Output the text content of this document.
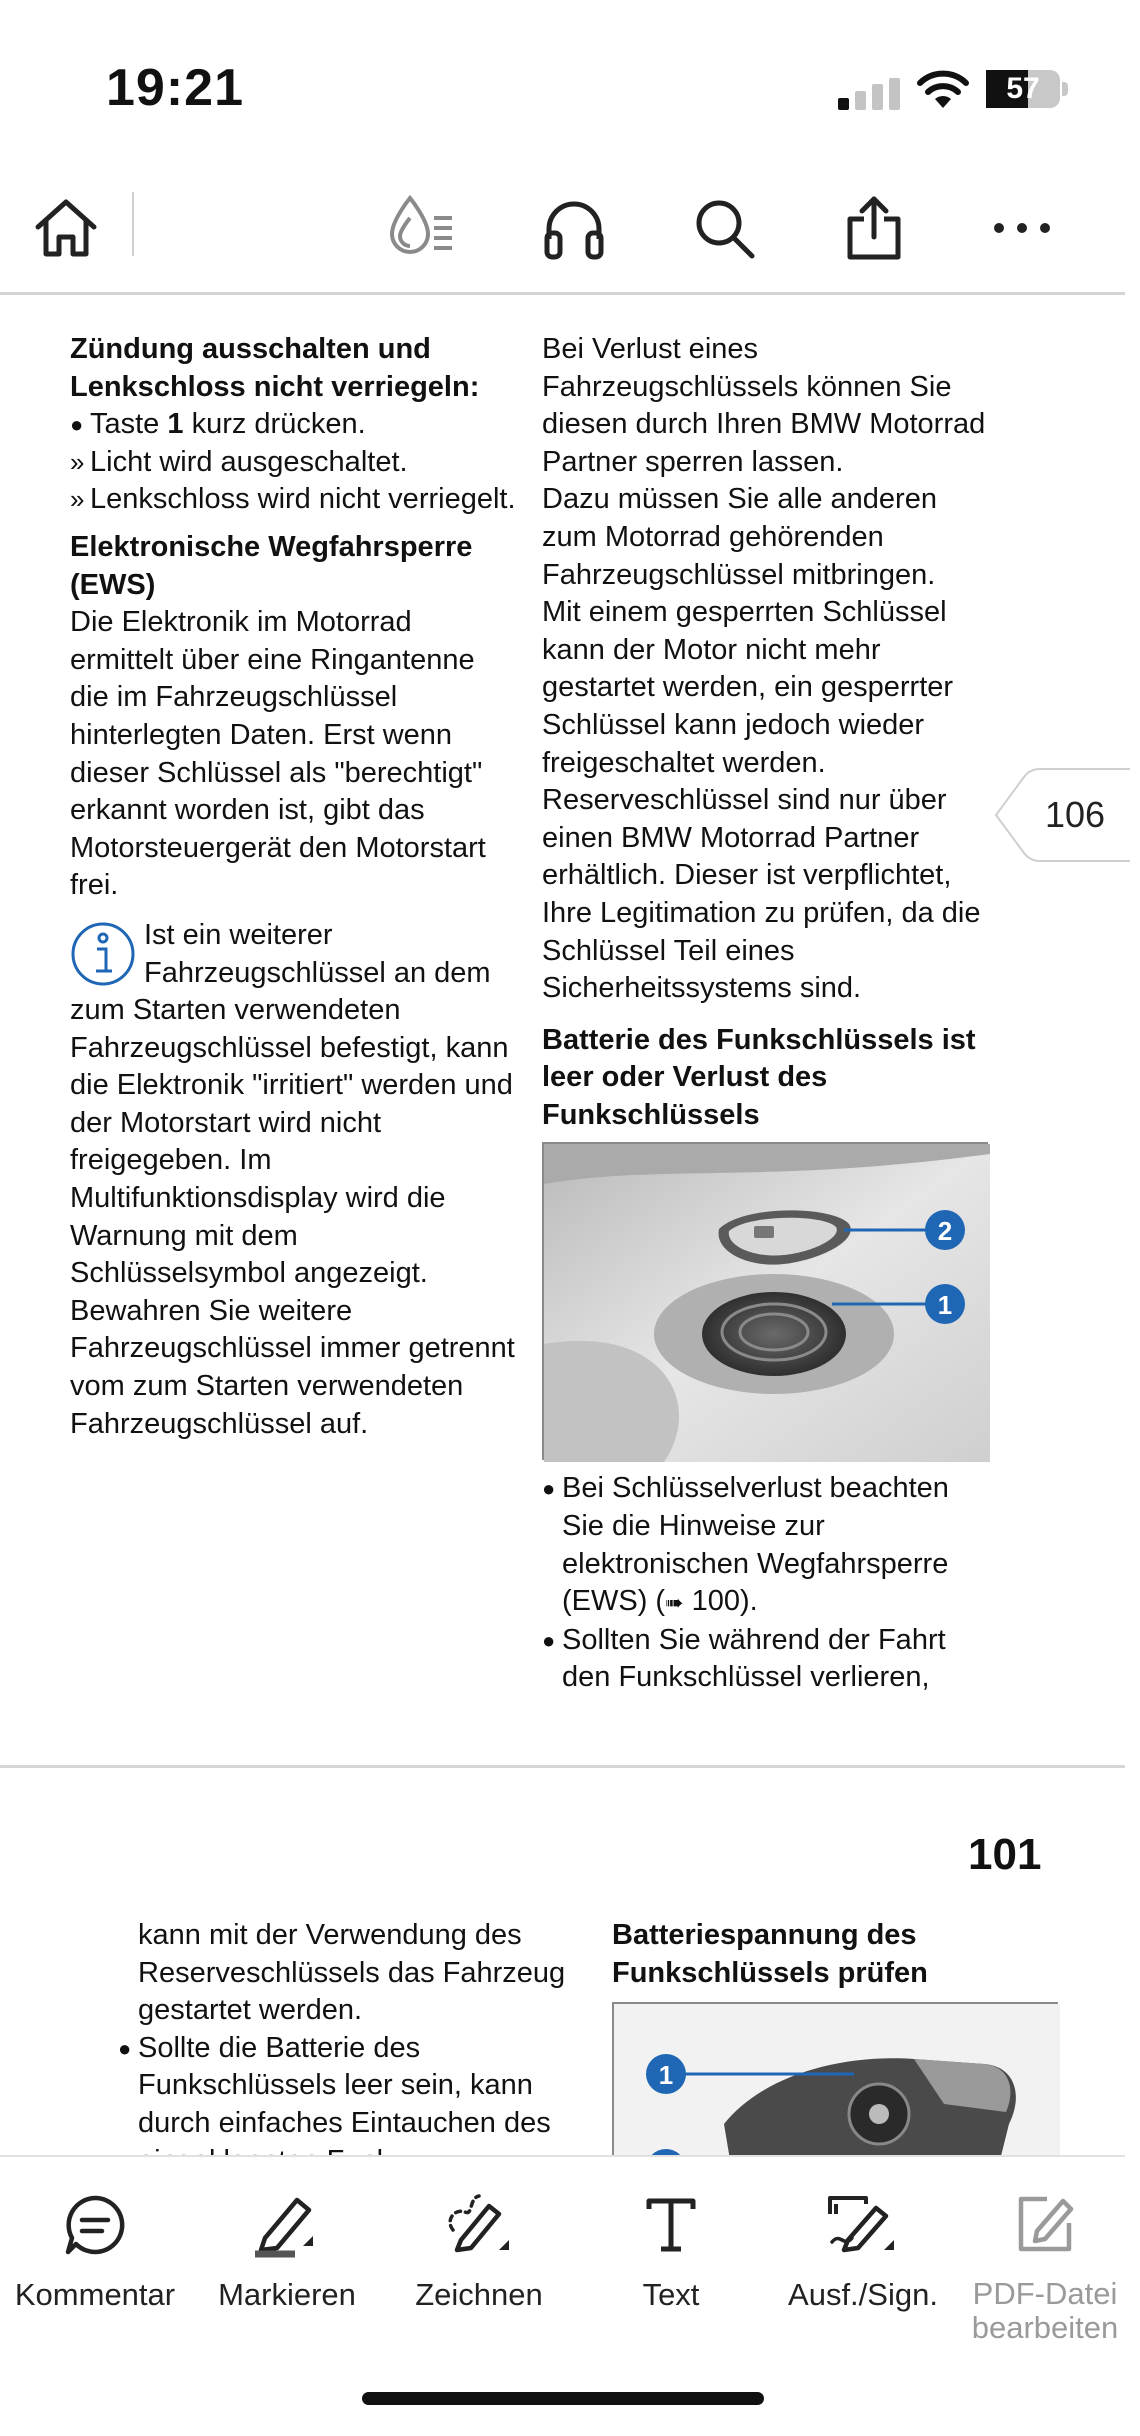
19:21	57

Zündung ausschalten und Lenkschloss nicht verriegeln:

● Taste 1 kurz drücken.

» Licht wird ausgeschaltet.

» Lenkschloss wird nicht verriegelt.

Elektronische Wegfahrsperre (EWS)

Die Elektronik im Motorrad ermittelt über eine Ringantenne die im Fahrzeugschlüssel hinterlegten Daten. Erst wenn dieser Schlüssel als "berechtigt" erkannt worden ist, gibt das Motorsteuergerät den Motorstart frei.

Ist ein weiterer Fahrzeugschlüssel an dem zum Starten verwendeten Fahrzeugschlüssel befestigt, kann die Elektronik "irritiert" werden und der Motorstart wird nicht freigegeben. Im Multifunktionsdisplay wird die Warnung mit dem Schlüsselsymbol angezeigt.

Bewahren Sie weitere Fahrzeugschlüssel immer getrennt vom zum Starten verwendeten Fahrzeugschlüssel auf.

Bei Verlust eines Fahrzeugschlüssels können Sie diesen durch Ihren BMW Motorrad Partner sperren lassen.

Dazu müssen Sie alle anderen zum Motorrad gehörenden Fahrzeugschlüssel mitbringen.

Mit einem gesperrten Schlüssel kann der Motor nicht mehr gestartet werden, ein gesperrter Schlüssel kann jedoch wieder freigeschaltet werden.

Reserveschlüssel sind nur über einen BMW Motorrad Partner erhältlich. Dieser ist verpflichtet, Ihre Legitimation zu prüfen, da die Schlüssel Teil eines Sicherheitssystems sind.

Batterie des Funkschlüssels ist leer oder Verlust des Funkschlüssels

2
1

● Bei Schlüsselverlust beachten Sie die Hinweise zur elektronischen Wegfahrsperre (EWS) (➠ 100).

● Sollten Sie während der Fahrt den Funkschlüssel verlieren,

106
101

kann mit der Verwendung des Reserveschlüssels das Fahrzeug gestartet werden.

● Sollte die Batterie des Funkschlüssels leer sein, kann durch einfaches Eintauchen des

Batteriespannung des Funkschlüssels prüfen

1
Kommentar	Markieren	Zeichnen	Text	Ausf./Sign.	PDF-Datei bearbeiten
